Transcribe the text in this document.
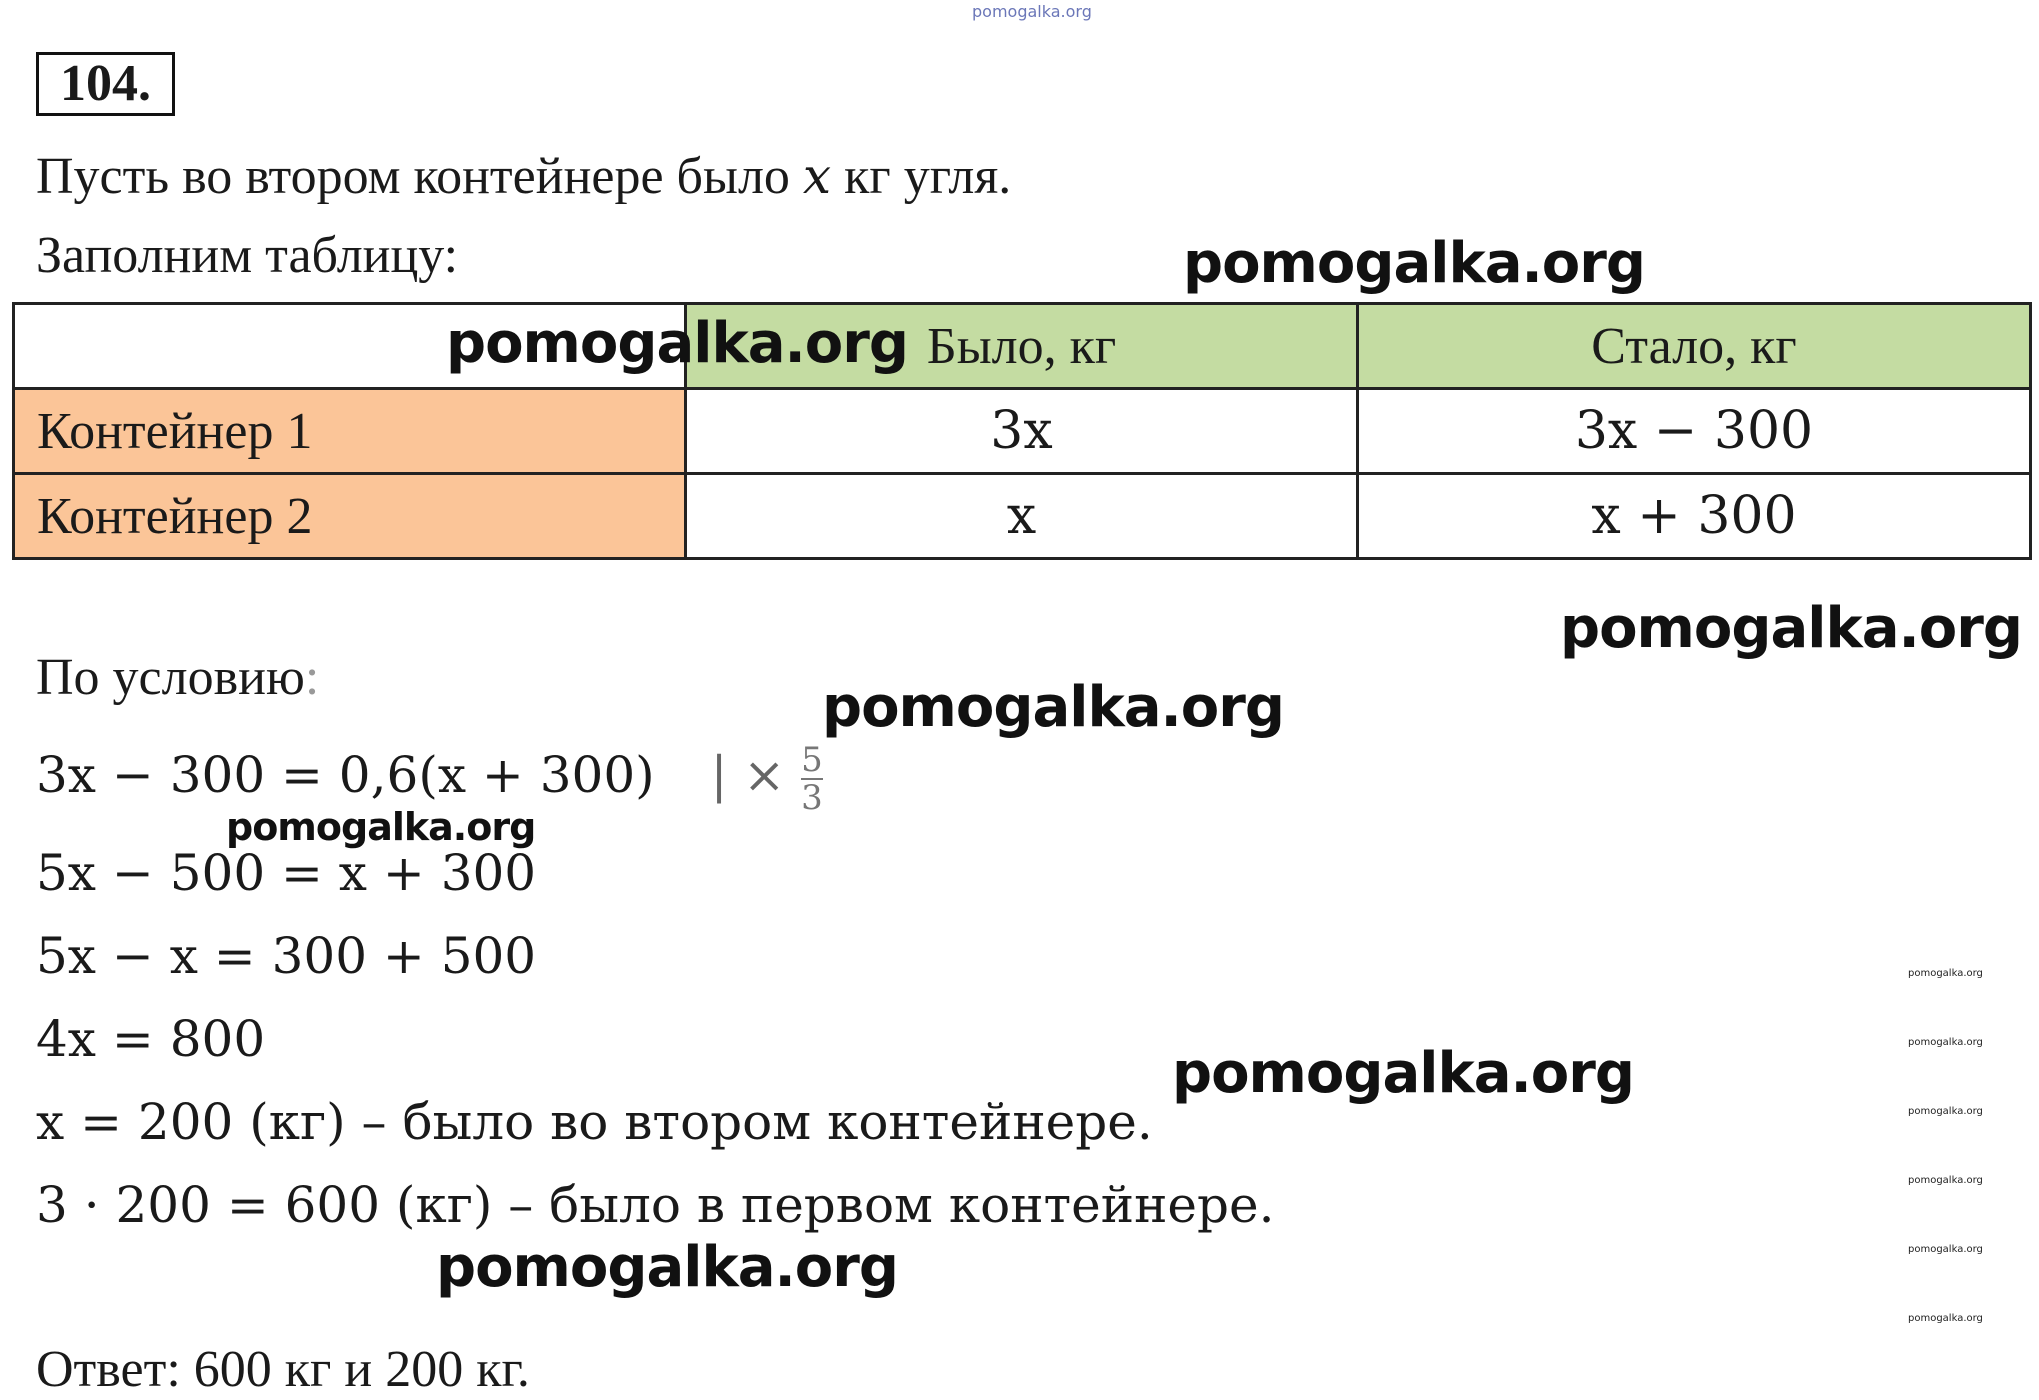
pomogalka.org
104.
Пусть во втором контейнере было x кг угля.
Заполним таблицу:
	Было, кг	Стало, кг
Контейнер 1	3x	3x − 300
Контейнер 2	x	x + 300
По условию:
3x − 300 = 0,6(x + 300) | × $\frac{5}{3}$
5x − 500 = x + 300
5x − x = 300 + 500
4x = 800
x = 200 (кг) – было во втором контейнере.
3 · 200 = 600 (кг) – было в первом контейнере.
Ответ: 600 кг и 200 кг.
pomogalka.org
pomogalka.org
pomogalka.org
pomogalka.org
pomogalka.org
pomogalka.org
pomogalka.org
pomogalka.org
pomogalka.org
pomogalka.org
pomogalka.org
pomogalka.org
pomogalka.org
